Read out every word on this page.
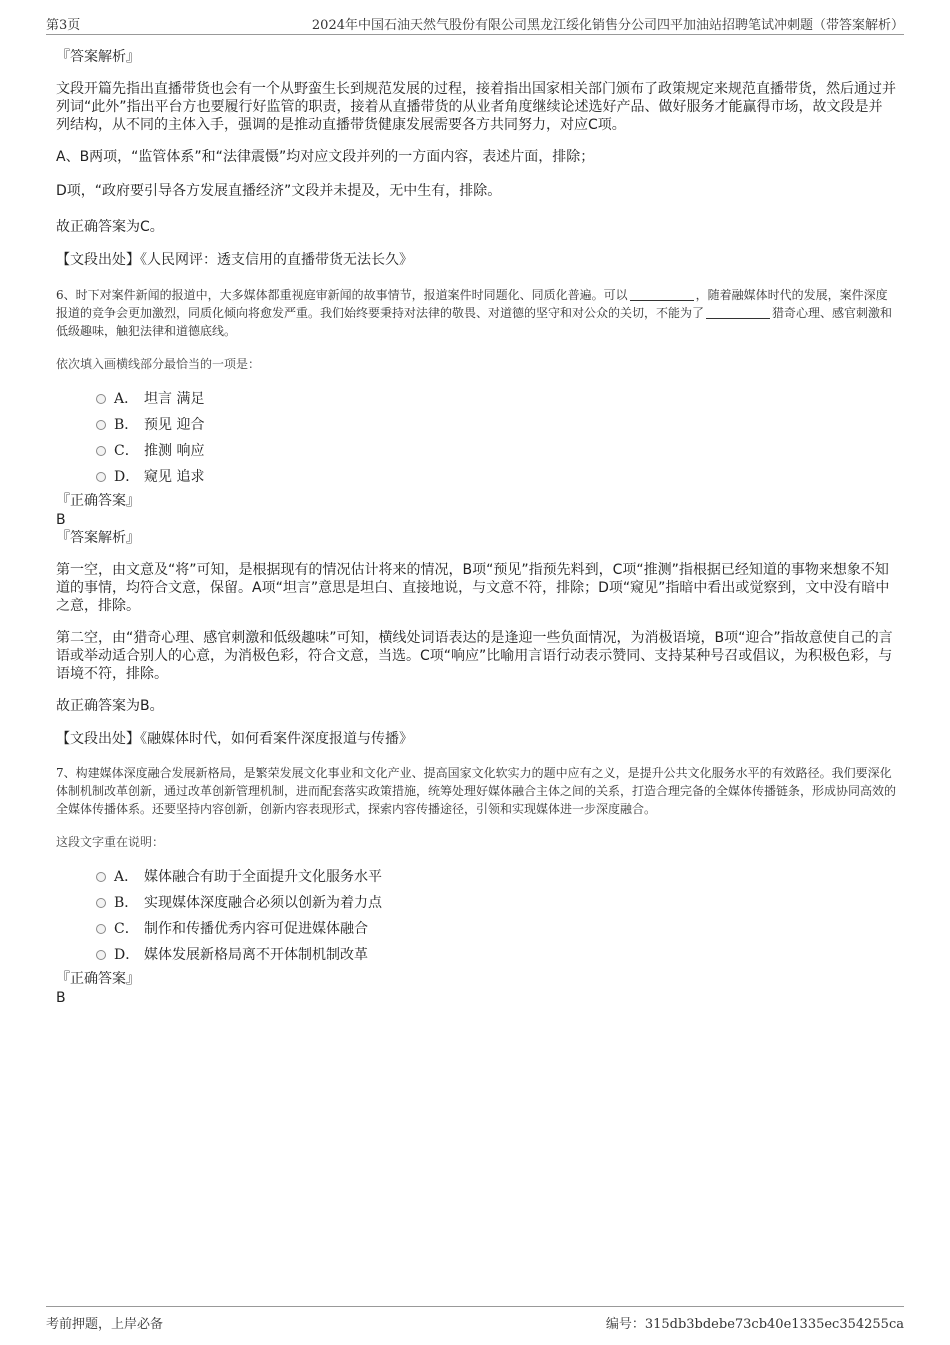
第3页	2024年中国石油天然气股份有限公司黑龙江绥化销售分公司四平加油站招聘笔试冲刺题（带答案解析）

『答案解析』

文段开篇先指出直播带货也会有一个从野蛮生长到规范发展的过程，接着指出国家相关部门颁布了政策规定来规范直播带货，然后通过并列词“此外”指出平台方也要履行好监管的职责，接着从直播带货的从业者角度继续论述选好产品、做好服务才能赢得市场，故文段是并列结构，从不同的主体入手，强调的是推动直播带货健康发展需要各方共同努力，对应C项。

A、B两项，“监管体系”和“法律震慑”均对应文段并列的一方面内容，表述片面，排除；

D项，“政府要引导各方发展直播经济”文段并未提及，无中生有，排除。

故正确答案为C。

【文段出处】《人民网评：透支信用的直播带货无法长久》

6、时下对案件新闻的报道中，大多媒体都重视庭审新闻的故事情节，报道案件时同题化、同质化普遍。可以	，随着融媒体时代的发展，案件深度报道的竞争会更加激烈，同质化倾向将愈发严重。我们始终要秉持对法律的敬畏、对道德的坚守和对公众的关切，不能为了	猎奇心理、感官刺激和低级趣味，触犯法律和道德底线。

依次填入画横线部分最恰当的一项是：

A． 坦言 满足
B． 预见 迎合
C． 推测 响应
D． 窥见 追求

『正确答案』

B

『答案解析』

第一空，由文意及“将”可知，是根据现有的情况估计将来的情况，B项“预见”指预先料到，C项“推测”指根据已经知道的事物来想象不知道的事情，均符合文意，保留。A项“坦言”意思是坦白、直接地说，与文意不符，排除；D项“窥见”指暗中看出或觉察到，文中没有暗中之意，排除。

第二空，由“猎奇心理、感官刺激和低级趣味”可知，横线处词语表达的是逢迎一些负面情况，为消极语境，B项“迎合”指故意使自己的言语或举动适合别人的心意，为消极色彩，符合文意，当选。C项“响应”比喻用言语行动表示赞同、支持某种号召或倡议，为积极色彩，与语境不符，排除。

故正确答案为B。

【文段出处】《融媒体时代，如何看案件深度报道与传播》

7、构建媒体深度融合发展新格局，是繁荣发展文化事业和文化产业、提高国家文化软实力的题中应有之义，是提升公共文化服务水平的有效路径。我们要深化体制机制改革创新，通过改革创新管理机制，进而配套落实政策措施，统筹处理好媒体融合主体之间的关系，打造合理完备的全媒体传播链条，形成协同高效的全媒体传播体系。还要坚持内容创新，创新内容表现形式，探索内容传播途径，引领和实现媒体进一步深度融合。

这段文字重在说明：

A． 媒体融合有助于全面提升文化服务水平
B． 实现媒体深度融合必须以创新为着力点
C． 制作和传播优秀内容可促进媒体融合
D． 媒体发展新格局离不开体制机制改革

『正确答案』

B

考前押题，上岸必备	编号：315db3bdebe73cb40e1335ec354255ca
